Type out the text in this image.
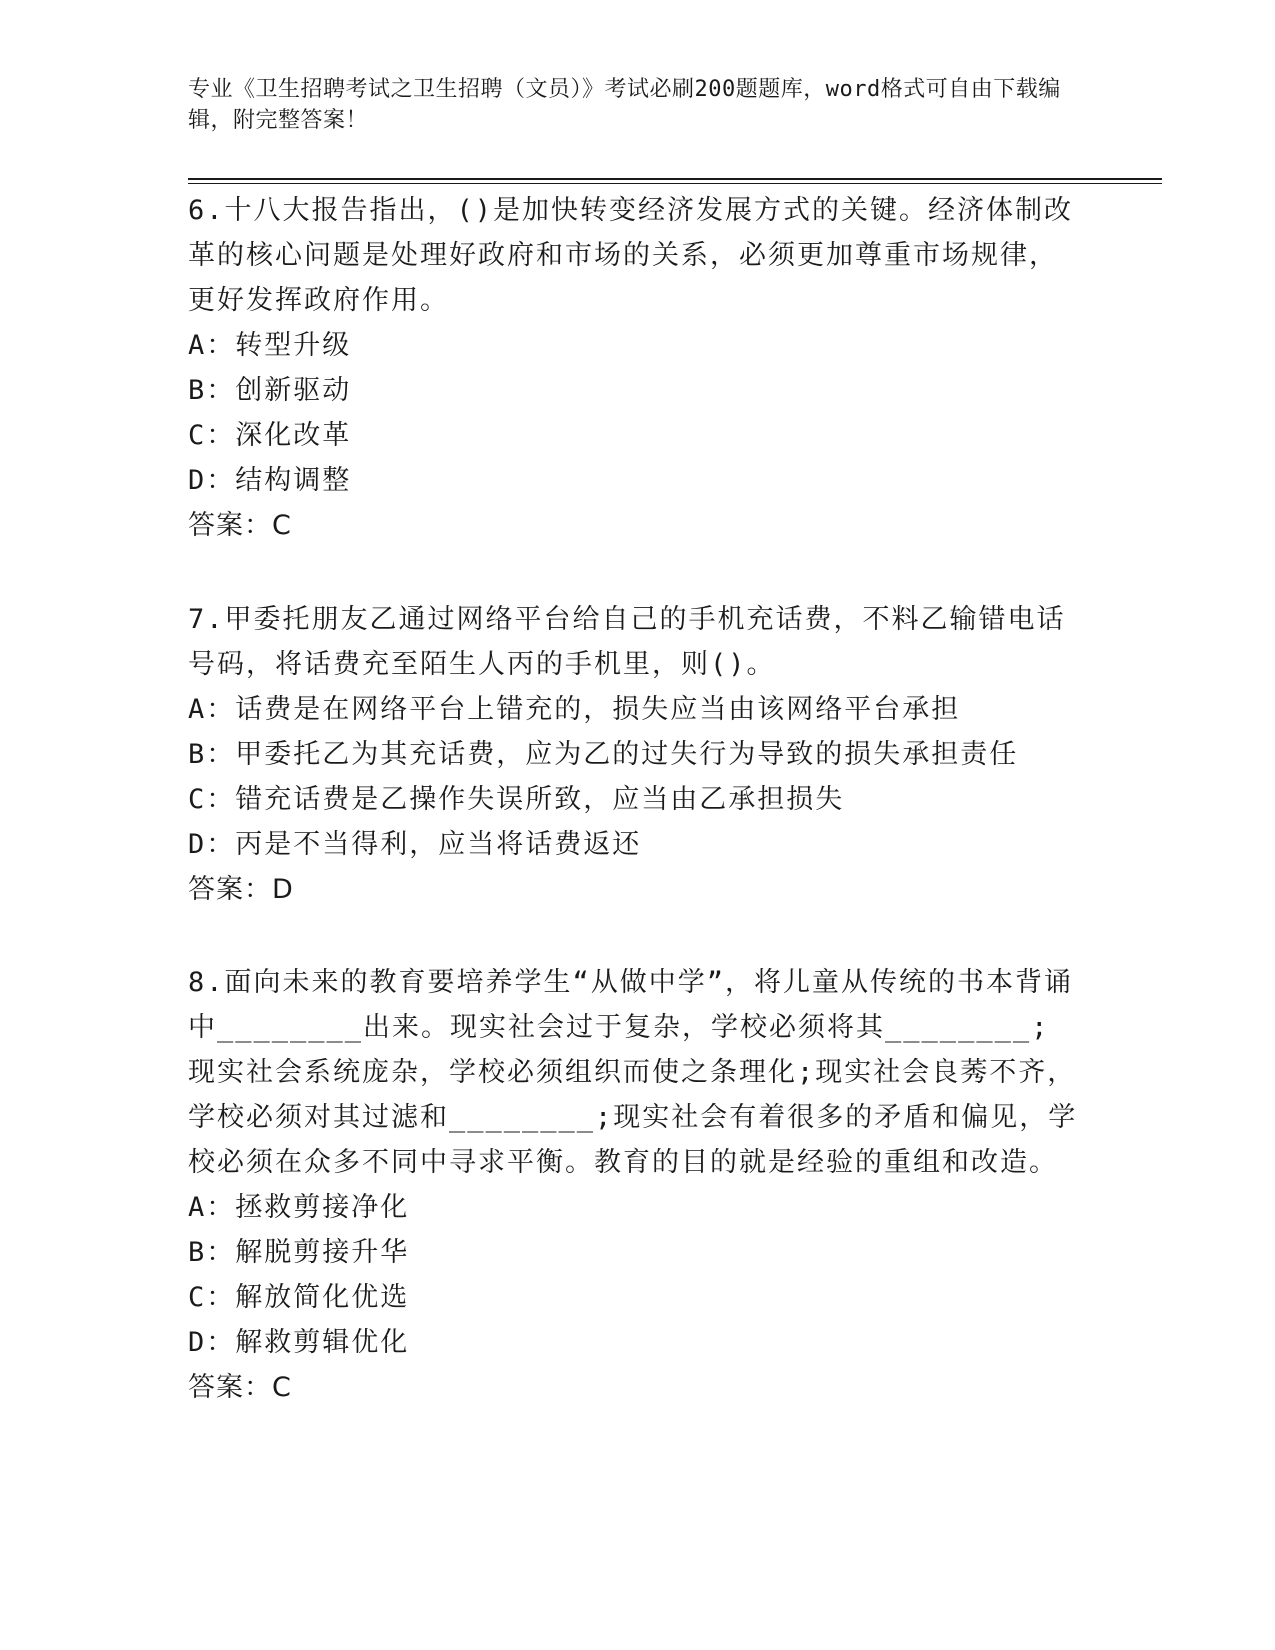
专业《卫生招聘考试之卫生招聘（文员）》考试必刷200题题库，word格式可自由下载编辑，附完整答案！

6.十八大报告指出，()是加快转变经济发展方式的关键。经济体制改革的核心问题是处理好政府和市场的关系，必须更加尊重市场规律，更好发挥政府作用。

A：转型升级

B：创新驱动

C：深化改革

D：结构调整

答案：C

7.甲委托朋友乙通过网络平台给自己的手机充话费，不料乙输错电话号码，将话费充至陌生人丙的手机里，则()。

A：话费是在网络平台上错充的，损失应当由该网络平台承担

B：甲委托乙为其充话费，应为乙的过失行为导致的损失承担责任

C：错充话费是乙操作失误所致，应当由乙承担损失

D：丙是不当得利，应当将话费返还

答案：D

8.面向未来的教育要培养学生“从做中学”，将儿童从传统的书本背诵中________出来。现实社会过于复杂，学校必须将其________;现实社会系统庞杂，学校必须组织而使之条理化;现实社会良莠不齐，学校必须对其过滤和________;现实社会有着很多的矛盾和偏见，学校必须在众多不同中寻求平衡。教育的目的就是经验的重组和改造。

A：拯救剪接净化

B：解脱剪接升华

C：解放简化优选

D：解救剪辑优化

答案：C
